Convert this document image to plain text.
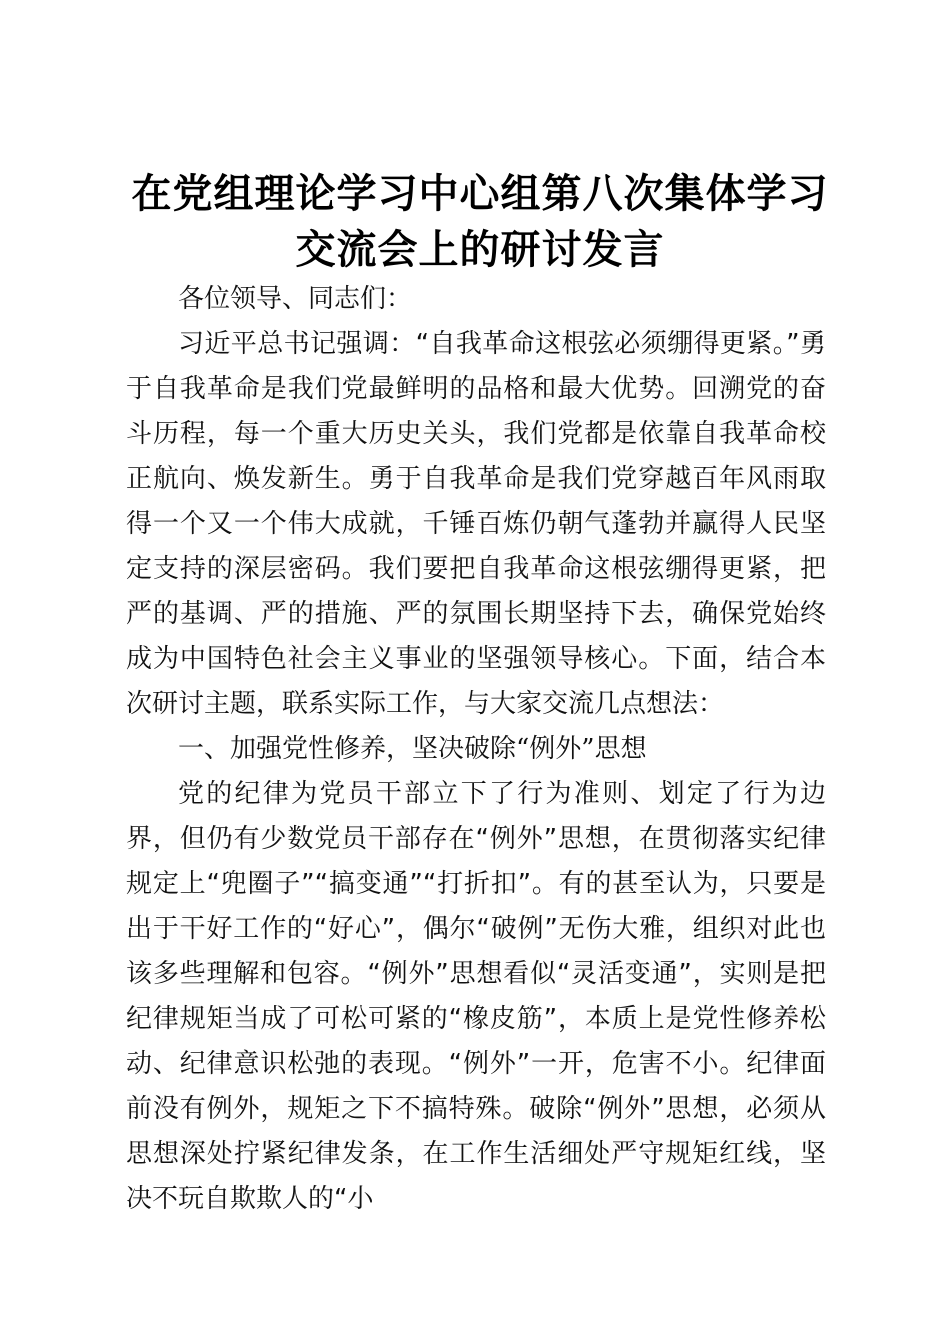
在党组理论学习中心组第八次集体学习
交流会上的研讨发言

各位领导、同志们：

习近平总书记强调：“自我革命这根弦必须绷得更紧。”勇于自我革命是我们党最鲜明的品格和最大优势。回溯党的奋斗历程，每一个重大历史关头，我们党都是依靠自我革命校正航向、焕发新生。勇于自我革命是我们党穿越百年风雨取得一个又一个伟大成就，千锤百炼仍朝气蓬勃并赢得人民坚定支持的深层密码。我们要把自我革命这根弦绷得更紧，把严的基调、严的措施、严的氛围长期坚持下去，确保党始终成为中国特色社会主义事业的坚强领导核心。下面，结合本次研讨主题，联系实际工作，与大家交流几点想法：

一、加强党性修养，坚决破除“例外”思想

党的纪律为党员干部立下了行为准则、划定了行为边界，但仍有少数党员干部存在“例外”思想，在贯彻落实纪律规定上“兜圈子”“搞变通”“打折扣”。有的甚至认为，只要是出于干好工作的“好心”，偶尔“破例”无伤大雅，组织对此也该多些理解和包容。“例外”思想看似“灵活变通”，实则是把纪律规矩当成了可松可紧的“橡皮筋”，本质上是党性修养松动、纪律意识松弛的表现。“例外”一开，危害不小。纪律面前没有例外，规矩之下不搞特殊。破除“例外”思想，必须从思想深处拧紧纪律发条，在工作生活细处严守规矩红线，坚决不玩自欺欺人的“小
